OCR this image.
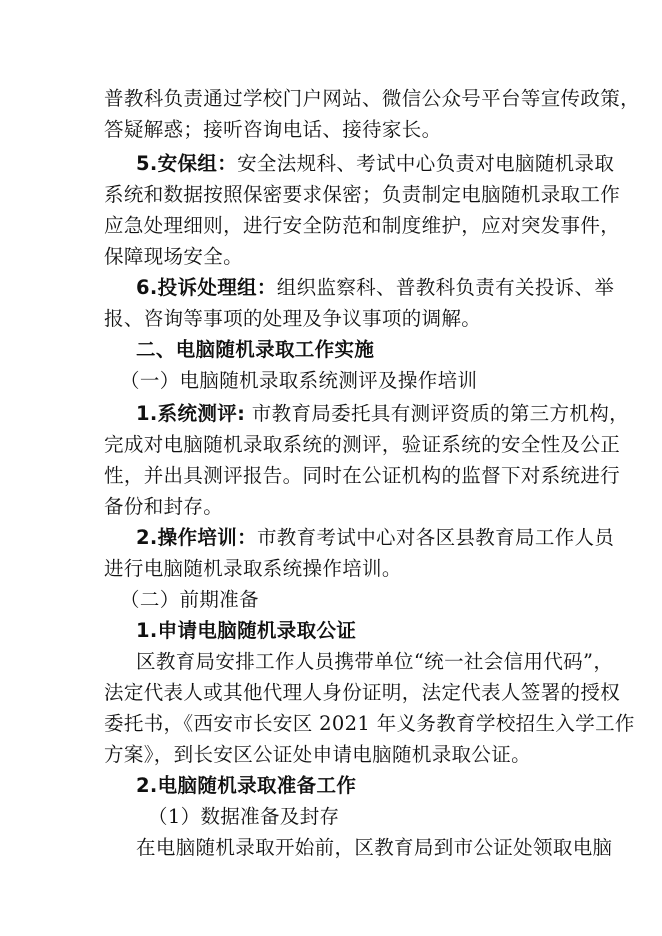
普教科负责通过学校门户网站、微信公众号平台等宣传政策，
答疑解惑；接听咨询电话、接待家长。
5.安保组：安全法规科、考试中心负责对电脑随机录取
系统和数据按照保密要求保密；负责制定电脑随机录取工作
应急处理细则，进行安全防范和制度维护，应对突发事件，
保障现场安全。
6.投诉处理组：组织监察科、普教科负责有关投诉、举
报、咨询等事项的处理及争议事项的调解。
二、电脑随机录取工作实施
（一）电脑随机录取系统测评及操作培训
1.系统测评: 市教育局委托具有测评资质的第三方机构，
完成对电脑随机录取系统的测评，验证系统的安全性及公正
性，并出具测评报告。同时在公证机构的监督下对系统进行
备份和封存。
2.操作培训：市教育考试中心对各区县教育局工作人员
进行电脑随机录取系统操作培训。
（二）前期准备
1.申请电脑随机录取公证
区教育局安排工作人员携带单位“统一社会信用代码”，
法定代表人或其他代理人身份证明，法定代表人签署的授权
委托书，《西安市长安区 2021 年义务教育学校招生入学工作
方案》，到长安区公证处申请电脑随机录取公证。
2.电脑随机录取准备工作
（1）数据准备及封存
在电脑随机录取开始前，区教育局到市公证处领取电脑
